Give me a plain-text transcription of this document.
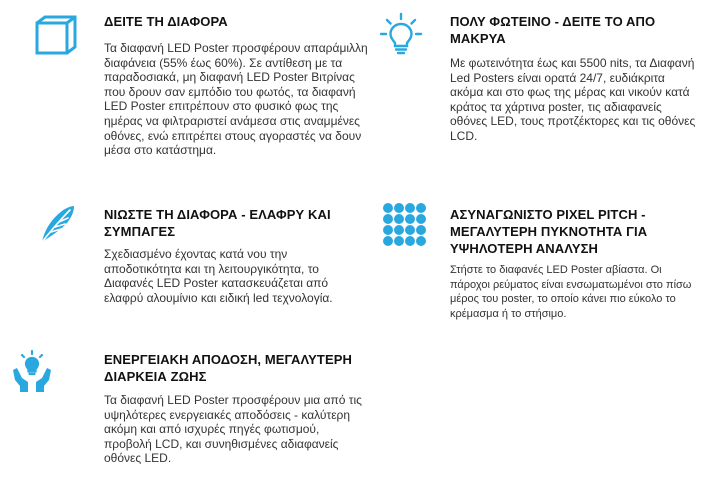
ΔΕΙΤΕ ΤΗ ΔΙΑΦΟΡΑ
Τα διαφανή LED Poster προσφέρουν απαράμιλλη διαφάνεια (55% έως 60%). Σε αντίθεση με τα παραδοσιακά, μη διαφανή LED Poster Βιτρίνας που δρουν σαν εμπόδιο του φωτός, τα διαφανή LED Poster επιτρέπουν στο φυσικό φως της ημέρας να φιλτραριστεί ανάμεσα στις αναμμένες οθόνες, ενώ επιτρέπει στους αγοραστές να δουν μέσα στο κατάστημα.
ΠΟΛΥ ΦΩΤΕΙΝΟ - ΔΕΙΤΕ ΤΟ ΑΠΟ ΜΑΚΡΥΑ
Με φωτεινότητα έως και 5500 nits, τα Διαφανή Led Posters είναι ορατά 24/7, ευδιάκριτα ακόμα και στο φως της μέρας και νικούν κατά κράτος τα χάρτινα poster, τις αδιαφανείς οθόνες LED, τους προτζέκτορες και τις οθόνες LCD.
ΝΙΩΣΤΕ ΤΗ ΔΙΑΦΟΡΑ - ΕΛΑΦΡΥ ΚΑΙ ΣΥΜΠΑΓΕΣ
Σχεδιασμένο έχοντας κατά νου την αποδοτικότητα και τη λειτουργικότητα, το Διαφανές LED Poster κατασκευάζεται από ελαφρύ αλουμίνιο και ειδική led τεχνολογία.
ΑΣΥΝΑΓΩΝΙΣΤΟ PIXEL PITCH - ΜΕΓΑΛΥΤΕΡΗ ΠΥΚΝΟΤΗΤΑ ΓΙΑ ΥΨΗΛΟΤΕΡΗ ΑΝΑΛΥΣΗ
Στήστε το διαφανές LED Poster αβίαστα. Οι πάροχοι ρεύματος είναι ενσωματωμένοι στο πίσω μέρος του poster, το οποίο κάνει πιο εύκολο το κρέμασμα ή το στήσιμο.
ΕΝΕΡΓΕΙΑΚΗ ΑΠΟΔΟΣΗ, ΜΕΓΑΛΥΤΕΡΗ ΔΙΑΡΚΕΙΑ ΖΩΗΣ
Τα διαφανή LED Poster προσφέρουν μια από τις υψηλότερες ενεργειακές αποδόσεις - καλύτερη ακόμη και από ισχυρές πηγές φωτισμού, προβολή LCD, και συνηθισμένες αδιαφανείς οθόνες LED.
